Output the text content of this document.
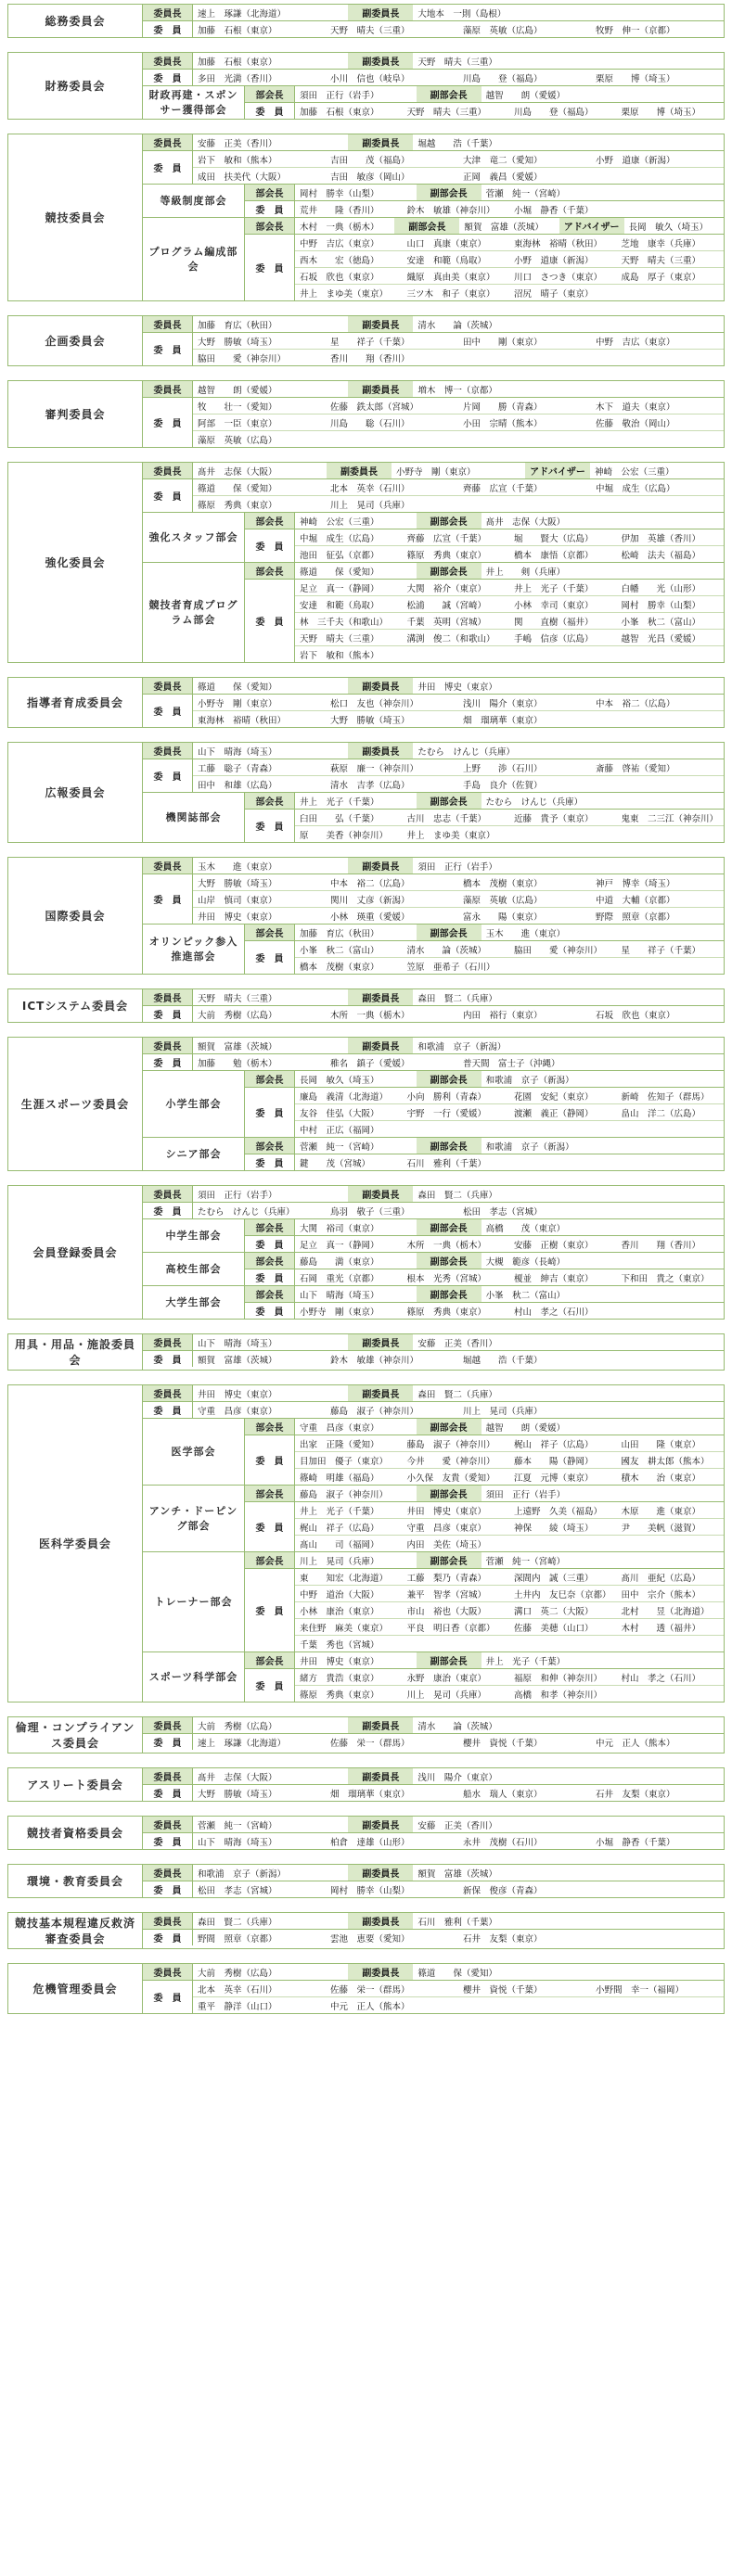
総務委員会
委員長	速上　琢謙（北海道）	副委員長	大地本　一則（島根）
委　員	加藤　石根（東京）	天野　晴夫（三重）	藻原　英敏（広島）	牧野　伸一（京都）
財務委員会
委員長	加藤　石根（東京）	副委員長	天野　晴夫（三重）
委　員	多田　光満（香川）	小川　信也（岐阜）	川島　　登（福島）	栗原　　博（埼玉）
財政再建・スポンサー獲得部会
部会長	須田　正行（岩手）	副部会長	越智　　朗（愛媛）
委　員	加藤　石根（東京）	天野　晴夫（三重）	川島　　登（福島）	栗原　　博（埼玉）
競技委員会
委員長	安藤　正美（香川）	副委員長	堀越　　浩（千葉）
委　員
岩下　敏和（熊本）	吉田　　茂（福島）	大津　竜二（愛知）	小野　道康（新潟）
成田　扶美代（大阪）	吉田　敏彦（岡山）	正岡　義昌（愛媛）
等級制度部会
部会長	岡村　勝幸（山梨）	副部会長	菅瀬　純一（宮崎）
委　員	荒井　　隆（香川）	鈴木　敏雄（神奈川）	小堀　静香（千葉）
プログラム編成部会
部会長	木村　一典（栃木）	副部会長	額賀　富雄（茨城）	アドバイザー	長岡　敏久（埼玉）
委　員
中野　吉広（東京）	山口　真康（東京）	東海林　裕晴（秋田）	芝地　康幸（兵庫）
西木　　宏（徳島）	安達　和範（鳥取）	小野　道康（新潟）	天野　晴夫（三重）
石坂　欣也（東京）	織原　真由美（東京）	川口　さつき（東京）	成島　厚子（東京）
井上　まゆ美（東京）	三ツ木　和子（東京）	沼尻　晴子（東京）
企画委員会
委員長	加藤　育広（秋田）	副委員長	清水　　論（茨城）
委　員
大野　勝敏（埼玉）	星　　祥子（千葉）	田中　　剛（東京）	中野　吉広（東京）
脇田　　愛（神奈川）	香川　　翔（香川）
審判委員会
委員長	越智　　朗（愛媛）	副委員長	増木　博一（京都）
委　員
牧　　壮一（愛知）	佐藤　鉄太郎（宮城）	片岡　　勝（青森）	木下　道夫（東京）
阿部　一臣（東京）	川島　　聡（石川）	小田　宗晴（熊本）	佐藤　敬治（岡山）
藻原　英敏（広島）
強化委員会
委員長	髙井　志保（大阪）	副委員長	小野寺　剛（東京）	アドバイザー	神崎　公宏（三重）
委　員
篠道　　保（愛知）	北本　英幸（石川）	齊藤　広宣（千葉）	中堀　成生（広島）
篠原　秀典（東京）	川上　晃司（兵庫）
強化スタッフ部会
部会長	神崎　公宏（三重）	副部会長	髙井　志保（大阪）
委　員
中堀　成生（広島）	齊藤　広宣（千葉）	堀　　賢大（広島）	伊加　英雄（香川）
池田　征弘（京都）	篠原　秀典（東京）	橋本　康悟（京都）	松崎　法夫（福島）
競技者育成プログラム部会
部会長	篠道　　保（愛知）	副部会長	井上　　剣（兵庫）
委　員
足立　真一（静岡）	大関　裕介（東京）	井上　光子（千葉）	白幡　　光（山形）
安達　和範（鳥取）	松浦　　誠（宮崎）	小林　幸司（東京）	岡村　勝幸（山梨）
林　三千夫（和歌山）	千葉　英明（宮城）	関　　直樹（福井）	小峯　秋二（富山）
天野　晴夫（三重）	溝渕　俊二（和歌山）	手嶋　信彦（広島）	越智　光昌（愛媛）
岩下　敏和（熊本）
指導者育成委員会
委員長	篠道　　保（愛知）	副委員長	井田　博史（東京）
委　員
小野寺　剛（東京）	松口　友也（神奈川）	浅川　陽介（東京）	中本　裕二（広島）
東海林　裕晴（秋田）	大野　勝敏（埼玉）	畑　瑠璃華（東京）
広報委員会
委員長	山下　晴海（埼玉）	副委員長	たむら　けんじ（兵庫）
委　員
工藤　聡子（青森）	萩原　廉一（神奈川）	上野　　渉（石川）	斎藤　啓祐（愛知）
田中　和雄（広島）	清水　吉孝（広島）	手島　良介（佐賀）
機関誌部会
部会長	井上　光子（千葉）	副部会長	たむら　けんじ（兵庫）
委　員
臼田　　弘（千葉）	古川　忠志（千葉）	近藤　貴予（東京）	鬼東　二三江（神奈川）
原　　美香（神奈川）	井上　まゆ美（東京）
国際委員会
委員長	玉木　　進（東京）	副委員長	須田　正行（岩手）
委　員
大野　勝敏（埼玉）	中本　裕二（広島）	橋本　茂樹（東京）	神戸　博幸（埼玉）
山岸　慎司（東京）	関川　丈彦（新潟）	藻原　英敏（広島）	中道　大輔（京都）
井田　博史（東京）	小林　瑛重（愛媛）	富永　　陽（東京）	野際　照章（京都）
オリンピック参入推進部会
部会長	加藤　育広（秋田）	副部会長	玉木　　進（東京）
委　員
小峯　秋二（富山）	清水　　論（茨城）	脇田　　愛（神奈川）	星　　祥子（千葉）
橋本　茂樹（東京）	笠原　亜希子（石川）
ICTシステム委員会
委員長	天野　晴夫（三重）	副委員長	森田　賢二（兵庫）
委　員	大前　秀樹（広島）	木所　一典（栃木）	内田　裕行（東京）	石坂　欣也（東京）
生涯スポーツ委員会
委員長	額賀　富雄（茨城）	副委員長	和歌浦　京子（新潟）
委　員	加藤　　勉（栃木）	稚名　鎮子（愛媛）	普天間　富士子（沖縄）
小学生部会
部会長	長岡　敏久（埼玉）	副部会長	和歌浦　京子（新潟）
委　員
廉島　義清（北海道）	小向　勝利（青森）	花園　安紀（東京）	新崎　佐知子（群馬）
友谷　佳弘（大阪）	宇野　一行（愛媛）	渡瀬　義正（静岡）	畠山　洋二（広島）
中村　正広（福岡）
シニア部会
部会長	菅瀬　純一（宮崎）	副部会長	和歌浦　京子（新潟）
委　員	鍵　　茂（宮城）	石川　雅利（千葉）
会員登録委員会
委員長	須田　正行（岩手）	副委員長	森田　賢二（兵庫）
委　員	たむら　けんじ（兵庫）	鳥羽　敬子（三重）	松田　孝志（宮城）
中学生部会
部会長	大関　裕司（東京）	副部会長	高橋　　茂（東京）
委　員	足立　真一（静岡）	木所　一典（栃木）	安藤　正樹（東京）	香川　　翔（香川）
高校生部会
部会長	藤島　　満（東京）	副部会長	大槻　範彦（長崎）
委　員	石岡　重光（京都）	根本　光秀（宮城）	榎並　紳吉（東京）	下和田　貴之（東京）
大学生部会
部会長	山下　晴海（埼玉）	副部会長	小峯　秋二（富山）
委　員	小野寺　剛（東京）	篠原　秀典（東京）	村山　孝之（石川）
用具・用品・施設委員会
委員長	山下　晴海（埼玉）	副委員長	安藤　正美（香川）
委　員	額賀　富雄（茨城）	鈴木　敏雄（神奈川）	堀越　　浩（千葉）
医科学委員会
委員長	井田　博史（東京）	副委員長	森田　賢二（兵庫）
委　員	守重　昌彦（東京）	藤島　淑子（神奈川）	川上　晃司（兵庫）
医学部会
部会長	守重　昌彦（東京）	副部会長	越智　　朗（愛媛）
委　員
出家　正隆（愛知）	藤島　淑子（神奈川）	梶山　祥子（広島）	山田　　隆（東京）
目加田　優子（東京）	今井　　愛（神奈川）	藤本　　陽（静岡）	國友　耕太郎（熊本）
篠崎　明雄（福島）	小久保　友貴（愛知）	江夏　元博（東京）	積木　　治（東京）
アンチ・ドーピング部会
部会長	藤島　淑子（神奈川）	副部会長	須田　正行（岩手）
委　員
井上　光子（千葉）	井田　博史（東京）	上遠野　久美（福島）	木原　　進（東京）
梶山　祥子（広島）	守重　昌彦（東京）	神保　　綾（埼玉）	尹　　美帆（滋賀）
髙山　　司（福岡）	内田　美佐（埼玉）
トレーナー部会
部会長	川上　晃司（兵庫）	副部会長	菅瀬　純一（宮崎）
委　員
東　　知宏（北海道）	工藤　梨乃（青森）	深間内　誠（三重）	髙川　亜紀（広島）
中野　道治（大阪）	兼平　智孝（宮城）	土井内　友巳奈（京都）	田中　宗介（熊本）
小林　康治（東京）	市山　裕也（大阪）	溝口　英二（大阪）	北村　　昱（北海道）
来住野　麻美（東京）	平良　明日香（京都）	佐藤　美穂（山口）	木村　　透（福井）
千葉　秀也（宮城）
スポーツ科学部会
部会長	井田　博史（東京）	副部会長	井上　光子（千葉）
委　員
緒方　貴浩（東京）	永野　康治（東京）	福原　和伸（神奈川）	村山　孝之（石川）
篠原　秀典（東京）	川上　晃司（兵庫）	高橋　和孝（神奈川）
倫理・コンプライアンス委員会
委員長	大前　秀樹（広島）	副委員長	清水　　論（茨城）
委　員	速上　琢謙（北海道）	佐藤　栄一（群馬）	櫻井　資悦（千葉）	中元　正人（熊本）
アスリート委員会
委員長	髙井　志保（大阪）	副委員長	浅川　陽介（東京）
委　員	大野　勝敏（埼玉）	畑　瑠璃華（東京）	船水　瑞人（東京）	石井　友梨（東京）
競技者資格委員会
委員長	菅瀬　純一（宮崎）	副委員長	安藤　正美（香川）
委　員	山下　晴海（埼玉）	柏倉　達雄（山形）	永井　茂樹（石川）	小堀　静香（千葉）
環境・教育委員会
委員長	和歌浦　京子（新潟）	副委員長	額賀　富雄（茨城）
委　員	松田　孝志（宮城）	岡村　勝幸（山梨）	新保　俊彦（青森）
競技基本規程違反救済審査委員会
委員長	森田　賢二（兵庫）	副委員長	石川　雅利（千葉）
委　員	野間　照章（京都）	雲池　恵要（愛知）	石井　友梨（東京）
危機管理委員会
委員長	大前　秀樹（広島）	副委員長	篠道　　保（愛知）
委　員
北本　英幸（石川）	佐藤　栄一（群馬）	櫻井　資悦（千葉）	小野間　幸一（福岡）
重平　静洋（山口）	中元　正人（熊本）
